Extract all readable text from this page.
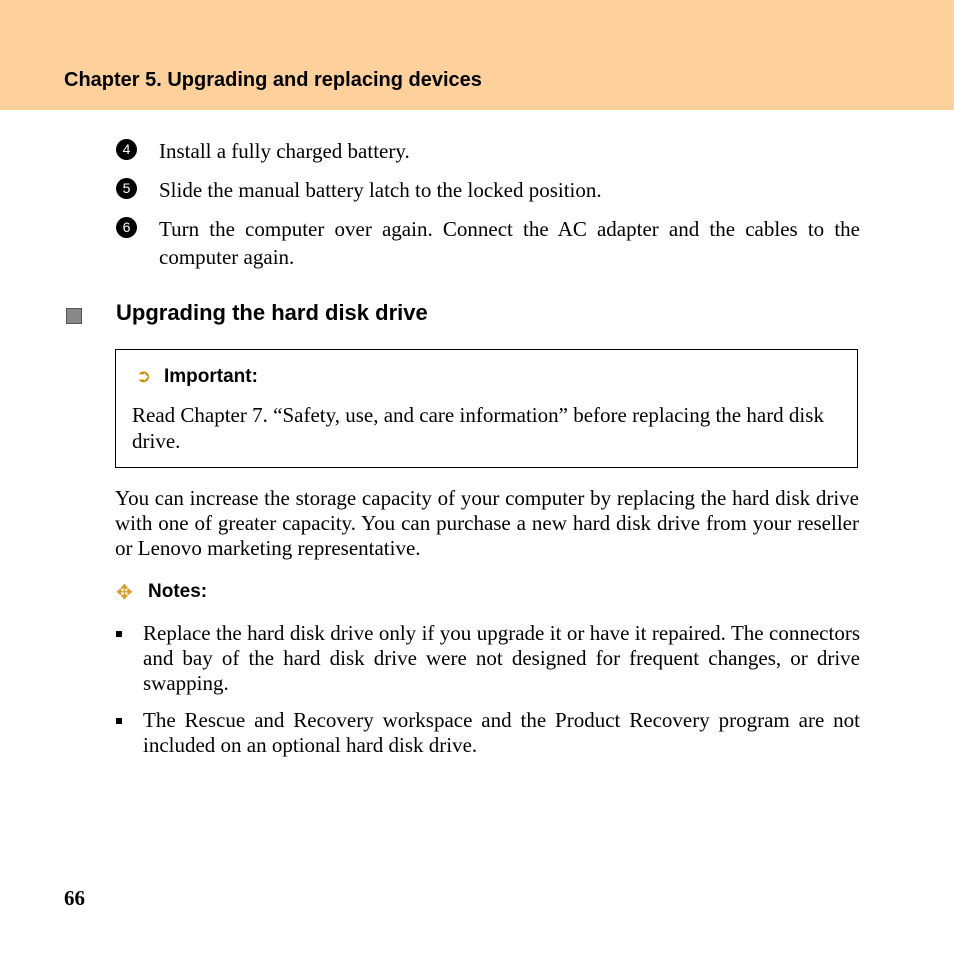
Chapter 5. Upgrading and replacing devices
4	Install a fully charged battery.
5	Slide the manual battery latch to the locked position.
6	Turn the computer over again. Connect the AC adapter and the cables to the computer again.
Upgrading the hard disk drive
➲ Important:
Read Chapter 7. “Safety, use, and care information” before replacing the hard disk drive.
You can increase the storage capacity of your computer by replacing the hard disk drive with one of greater capacity. You can purchase a new hard disk drive from your reseller or Lenovo marketing representative.
✥ Notes:
Replace the hard disk drive only if you upgrade it or have it repaired. The connectors and bay of the hard disk drive were not designed for frequent changes, or drive swapping.
The Rescue and Recovery workspace and the Product Recovery program are not included on an optional hard disk drive.
66
